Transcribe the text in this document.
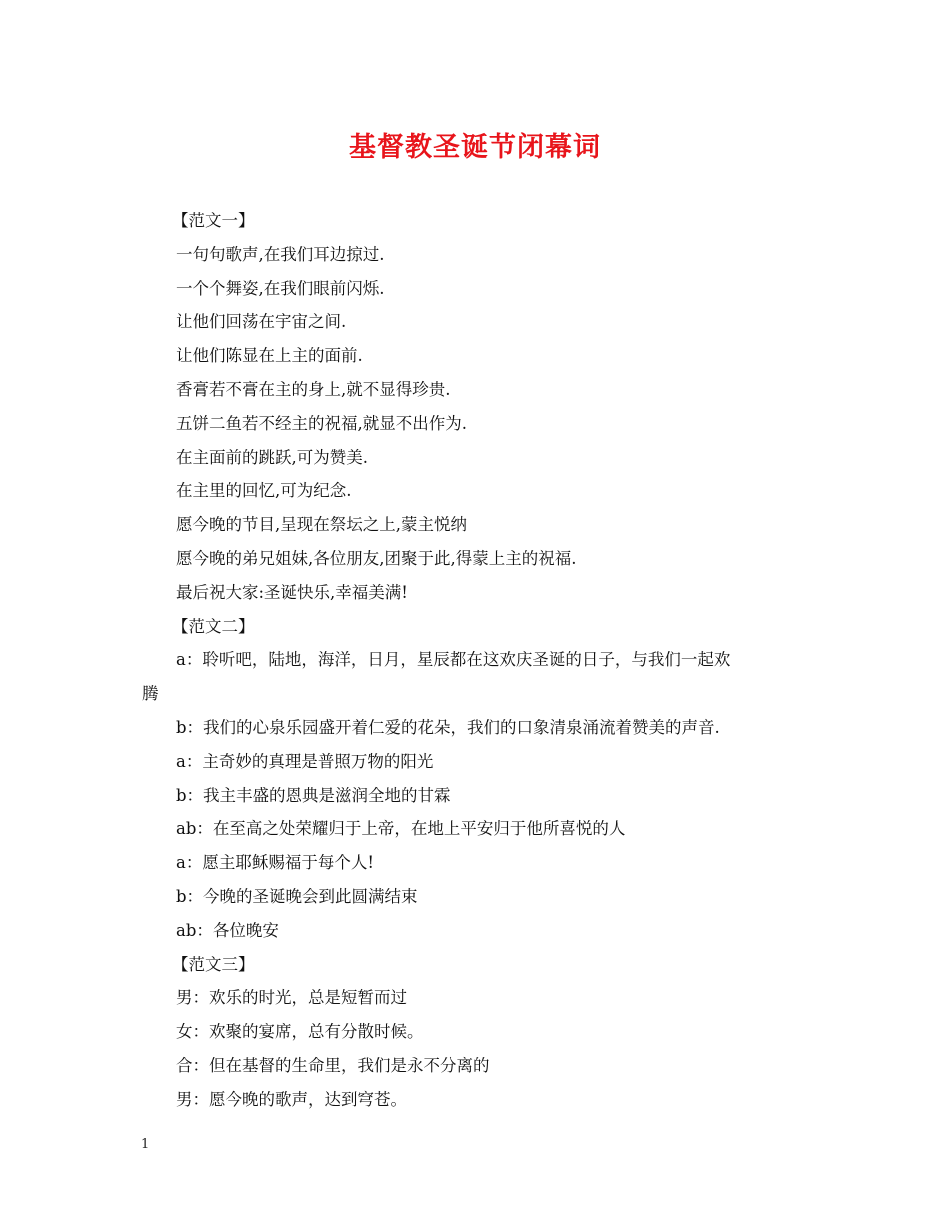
基督教圣诞节闭幕词
【范文一】
一句句歌声,在我们耳边掠过.
一个个舞姿,在我们眼前闪烁.
让他们回荡在宇宙之间.
让他们陈显在上主的面前.
香膏若不膏在主的身上,就不显得珍贵.
五饼二鱼若不经主的祝福,就显不出作为.
在主面前的跳跃,可为赞美.
在主里的回忆,可为纪念.
愿今晚的节目,呈现在祭坛之上,蒙主悦纳
愿今晚的弟兄姐妹,各位朋友,团聚于此,得蒙上主的祝福.
最后祝大家:圣诞快乐,幸福美满!
【范文二】
a：聆听吧，陆地，海洋，日月，星辰都在这欢庆圣诞的日子，与我们一起欢
腾
b：我们的心泉乐园盛开着仁爱的花朵，我们的口象清泉涌流着赞美的声音.
a：主奇妙的真理是普照万物的阳光
b：我主丰盛的恩典是滋润全地的甘霖
ab：在至高之处荣耀归于上帝，在地上平安归于他所喜悦的人
a：愿主耶稣赐福于每个人!
b：今晚的圣诞晚会到此圆满结束
ab：各位晚安
【范文三】
男：欢乐的时光，总是短暂而过
女：欢聚的宴席，总有分散时候。
合：但在基督的生命里，我们是永不分离的
男：愿今晚的歌声，达到穹苍。
1
